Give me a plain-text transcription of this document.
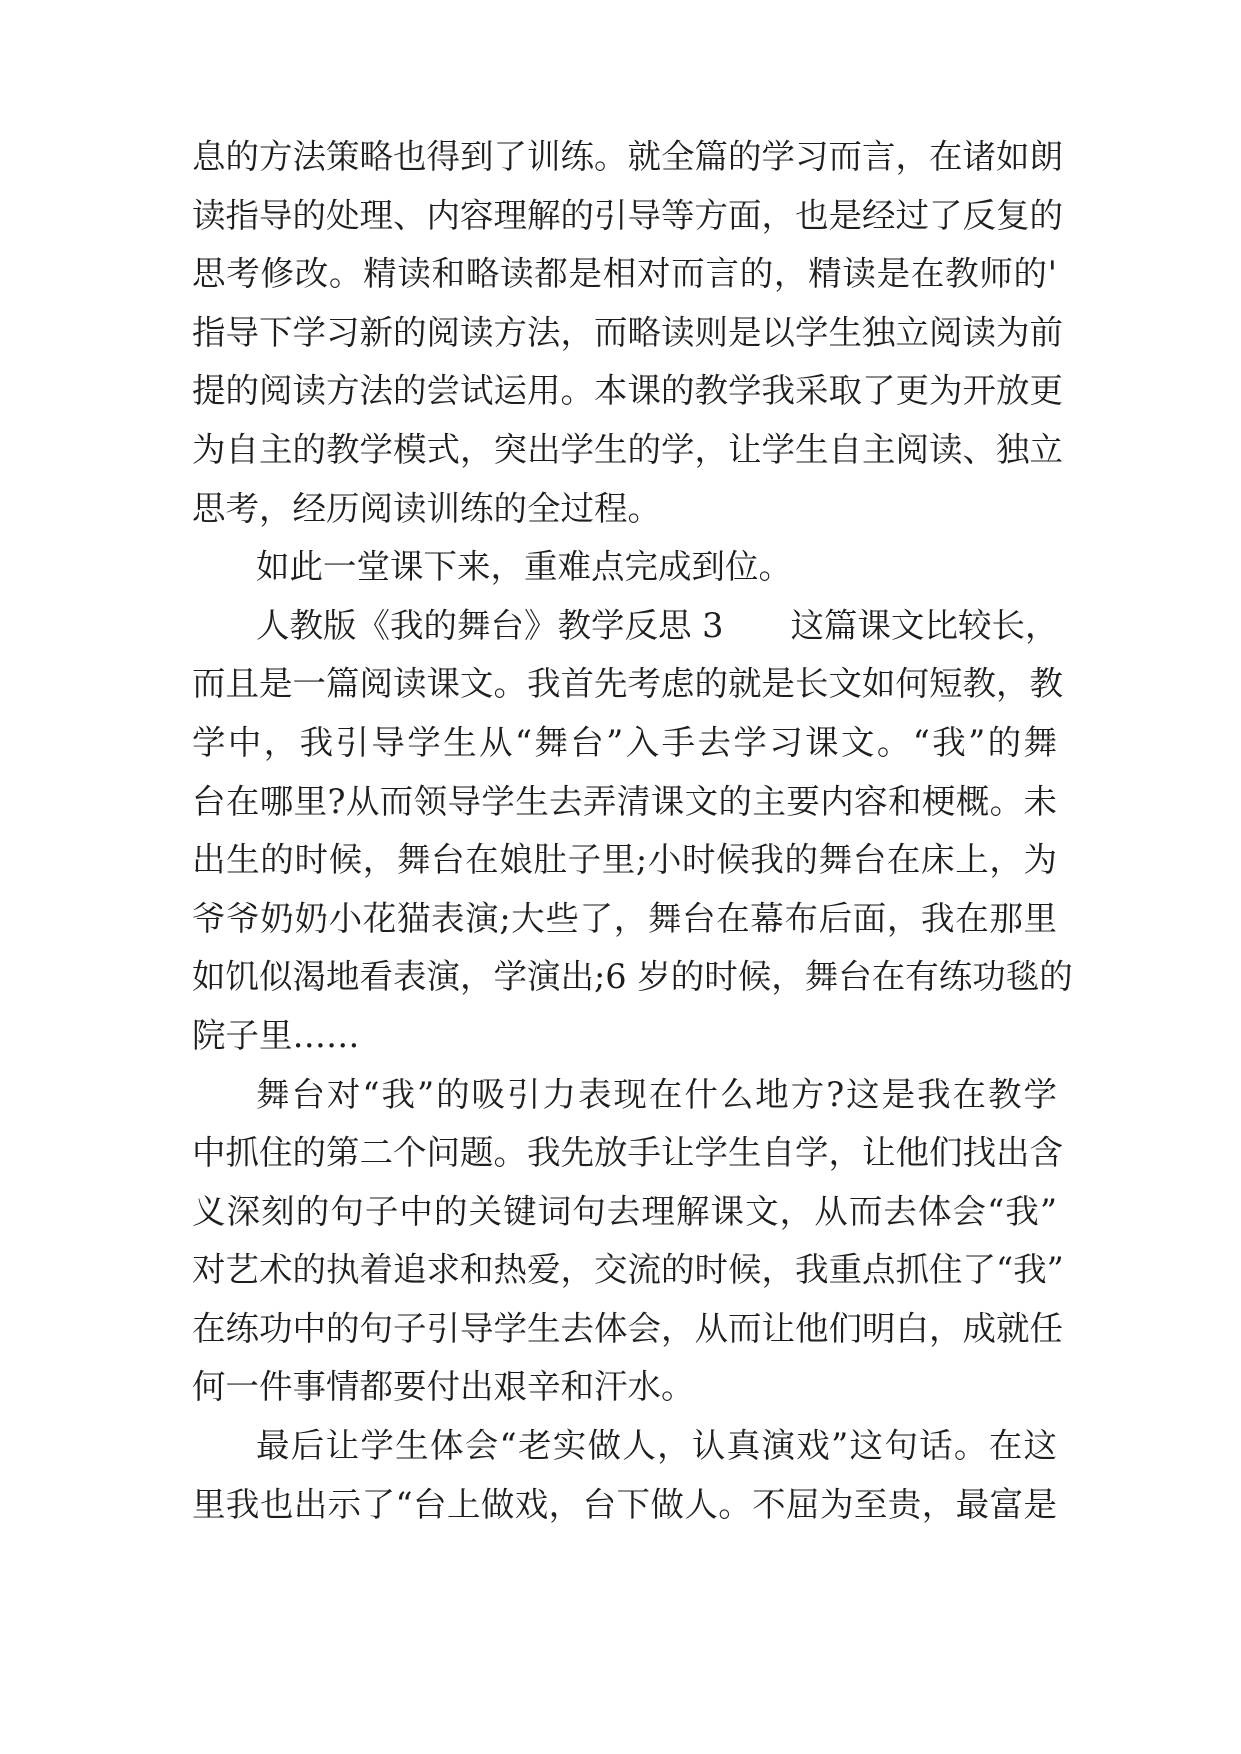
息的方法策略也得到了训练。就全篇的学习而言，在诸如朗
读指导的处理、内容理解的引导等方面，也是经过了反复的
思考修改。精读和略读都是相对而言的，精读是在教师的'
指导下学习新的阅读方法，而略读则是以学生独立阅读为前
提的阅读方法的尝试运用。本课的教学我采取了更为开放更
为自主的教学模式，突出学生的学，让学生自主阅读、独立
思考，经历阅读训练的全过程。
如此一堂课下来，重难点完成到位。
人教版《我的舞台》教学反思 3　　这篇课文比较长，
而且是一篇阅读课文。我首先考虑的就是长文如何短教，教
学中，我引导学生从“舞台”入手去学习课文。“我”的舞
台在哪里?从而领导学生去弄清课文的主要内容和梗概。未
出生的时候，舞台在娘肚子里;小时候我的舞台在床上，为
爷爷奶奶小花猫表演;大些了，舞台在幕布后面，我在那里
如饥似渴地看表演，学演出;6 岁的时候，舞台在有练功毯的
院子里……
舞台对“我”的吸引力表现在什么地方?这是我在教学
中抓住的第二个问题。我先放手让学生自学，让他们找出含
义深刻的句子中的关键词句去理解课文，从而去体会“我”
对艺术的执着追求和热爱，交流的时候，我重点抓住了“我”
在练功中的句子引导学生去体会，从而让他们明白，成就任
何一件事情都要付出艰辛和汗水。
最后让学生体会“老实做人，认真演戏”这句话。在这
里我也出示了“台上做戏，台下做人。不屈为至贵，最富是
